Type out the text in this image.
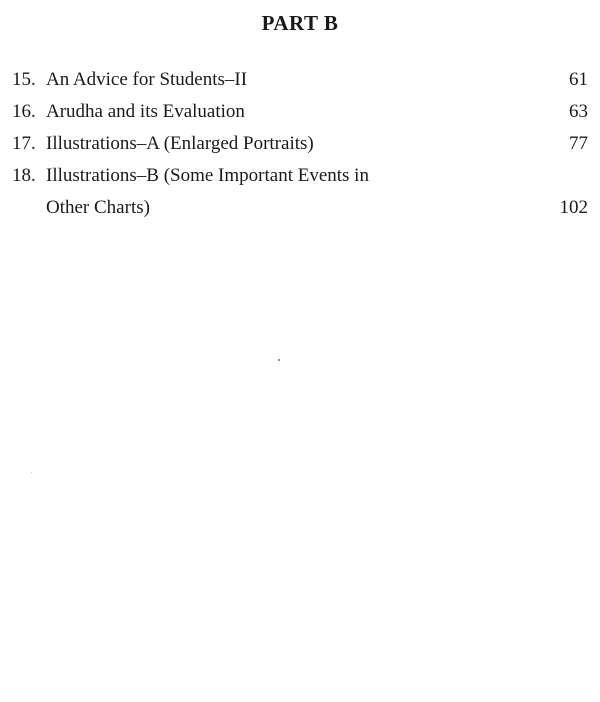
PART B
15. An Advice for Students–II	61
16. Arudha and its Evaluation	63
17. Illustrations–A (Enlarged Portraits)	77
18. Illustrations–B (Some Important Events in
Other Charts)	102
